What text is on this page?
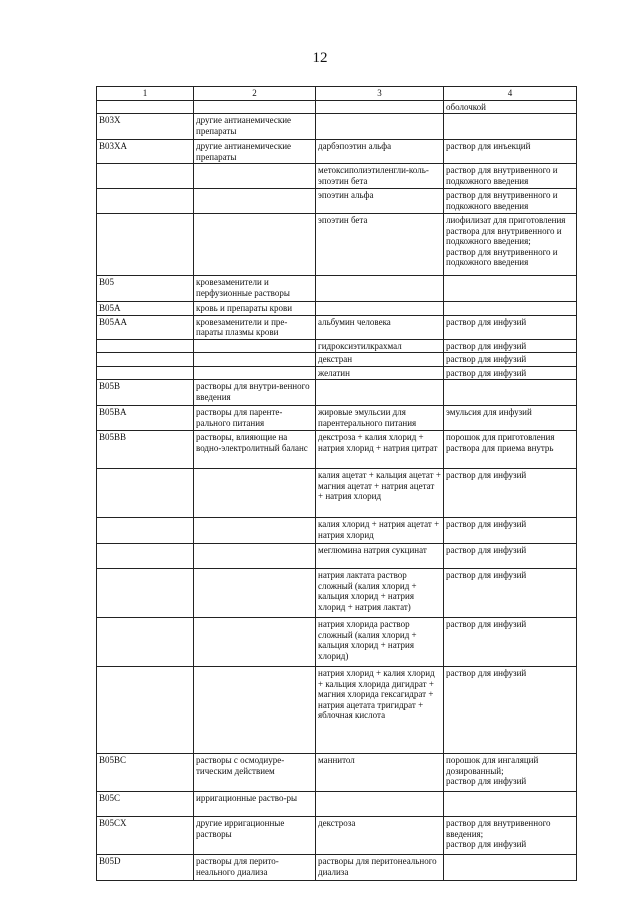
12
1	2	3	4
			оболочкой
B03X	другие антианемические препараты		
B03XA	другие антианемические препараты	дарбэпоэтин альфа	раствор для инъекций
		метоксиполиэтиленгли-коль-эпоэтин бета	раствор для внутривенного и подкожного введения
		эпоэтин альфа	раствор для внутривенного и подкожного введения
		эпоэтин бета	лиофилизат для приготовления раствора для внутривенного и подкожного введения;
раствор для внутривенного и подкожного введения
B05	кровезаменители и перфузионные растворы		
B05A	кровь и препараты крови		
B05AA	кровезаменители и пре-параты плазмы крови	альбумин человека	раствор для инфузий
		гидроксиэтилкрахмал	раствор для инфузий
		декстран	раствор для инфузий
		желатин	раствор для инфузий
B05B	растворы для внутри-венного введения		
B05BA	растворы для паренте-рального питания	жировые эмульсии для парентерального питания	эмульсия для инфузий
B05BB	растворы, влияющие на водно-электролитный баланс	декстроза + калия хлорид + натрия хлорид + натрия цитрат	порошок для приготовления раствора для приема внутрь
		калия ацетат + кальция ацетат + магния ацетат + натрия ацетат + натрия хлорид	раствор для инфузий
		калия хлорид + натрия ацетат + натрия хлорид	раствор для инфузий
		меглюмина натрия сукцинат	раствор для инфузий
		натрия лактата раствор сложный (калия хлорид + кальция хлорид + натрия хлорид + натрия лактат)	раствор для инфузий
		натрия хлорида раствор сложный (калия хлорид + кальция хлорид + натрия хлорид)	раствор для инфузий
		натрия хлорид + калия хлорид + кальция хлорида дигидрат + магния хлорида гексагидрат + натрия ацетата тригидрат + яблочная кислота	раствор для инфузий
B05BC	растворы с осмодиуре-тическим действием	маннитол	порошок для ингаляций дозированный;
раствор для инфузий
B05C	ирригационные раство-ры		
B05CX	другие ирригационные растворы	декстроза	раствор для внутривенного введения;
раствор для инфузий
B05D	растворы для перито-неального диализа	растворы для перитонеального диализа	
